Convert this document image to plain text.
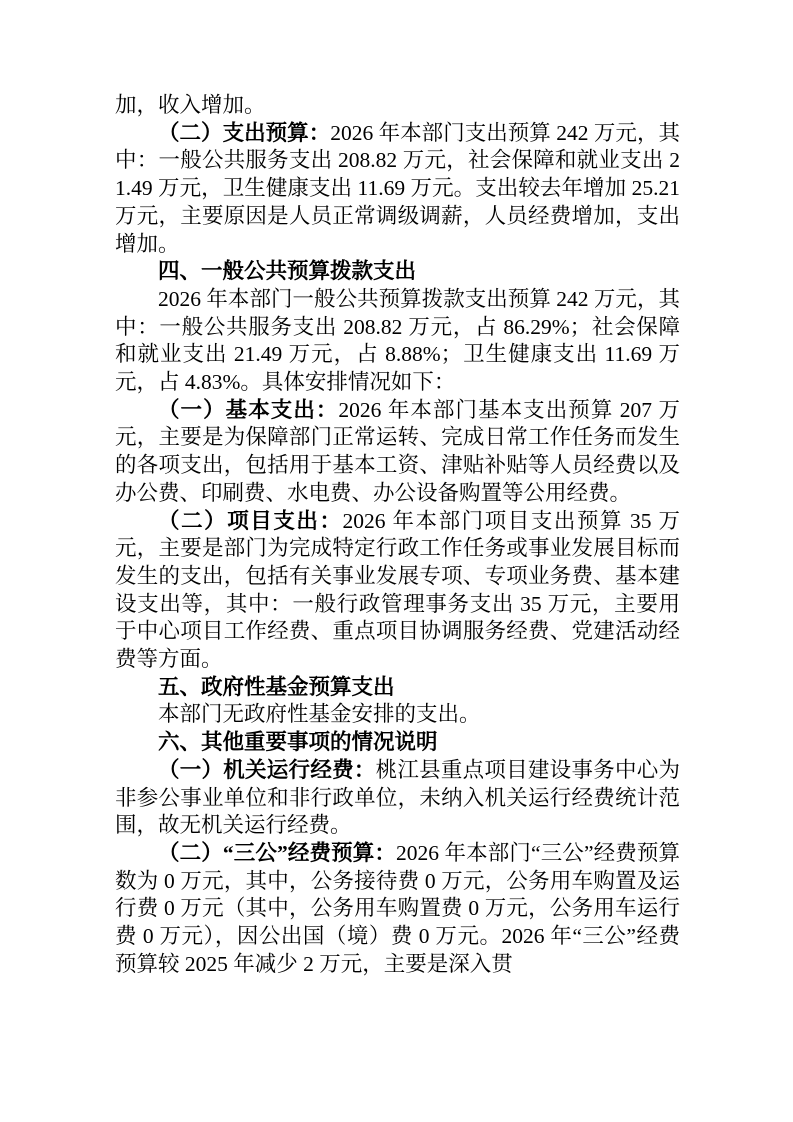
加，收入增加。

（二）支出预算：2026 年本部门支出预算 242 万元，其中：一般公共服务支出 208.82 万元，社会保障和就业支出 21.49 万元，卫生健康支出 11.69 万元。支出较去年增加 25.21 万元，主要原因是人员正常调级调薪，人员经费增加，支出增加。

四、一般公共预算拨款支出

2026 年本部门一般公共预算拨款支出预算 242 万元，其中：一般公共服务支出 208.82 万元，占 86.29%；社会保障和就业支出 21.49 万元，占 8.88%；卫生健康支出 11.69 万元，占 4.83%。具体安排情况如下：

（一）基本支出：2026 年本部门基本支出预算 207 万元，主要是为保障部门正常运转、完成日常工作任务而发生的各项支出，包括用于基本工资、津贴补贴等人员经费以及办公费、印刷费、水电费、办公设备购置等公用经费。

（二）项目支出：2026 年本部门项目支出预算 35 万元，主要是部门为完成特定行政工作任务或事业发展目标而发生的支出，包括有关事业发展专项、专项业务费、基本建设支出等，其中：一般行政管理事务支出 35 万元，主要用于中心项目工作经费、重点项目协调服务经费、党建活动经费等方面。

五、政府性基金预算支出

本部门无政府性基金安排的支出。

六、其他重要事项的情况说明

（一）机关运行经费：桃江县重点项目建设事务中心为非参公事业单位和非行政单位，未纳入机关运行经费统计范围，故无机关运行经费。

（二）“三公”经费预算：2026 年本部门“三公”经费预算数为 0 万元，其中，公务接待费 0 万元，公务用车购置及运行费 0 万元（其中，公务用车购置费 0 万元，公务用车运行费 0 万元），因公出国（境）费 0 万元。2026 年“三公”经费预算较 2025 年减少 2 万元，主要是深入贯
